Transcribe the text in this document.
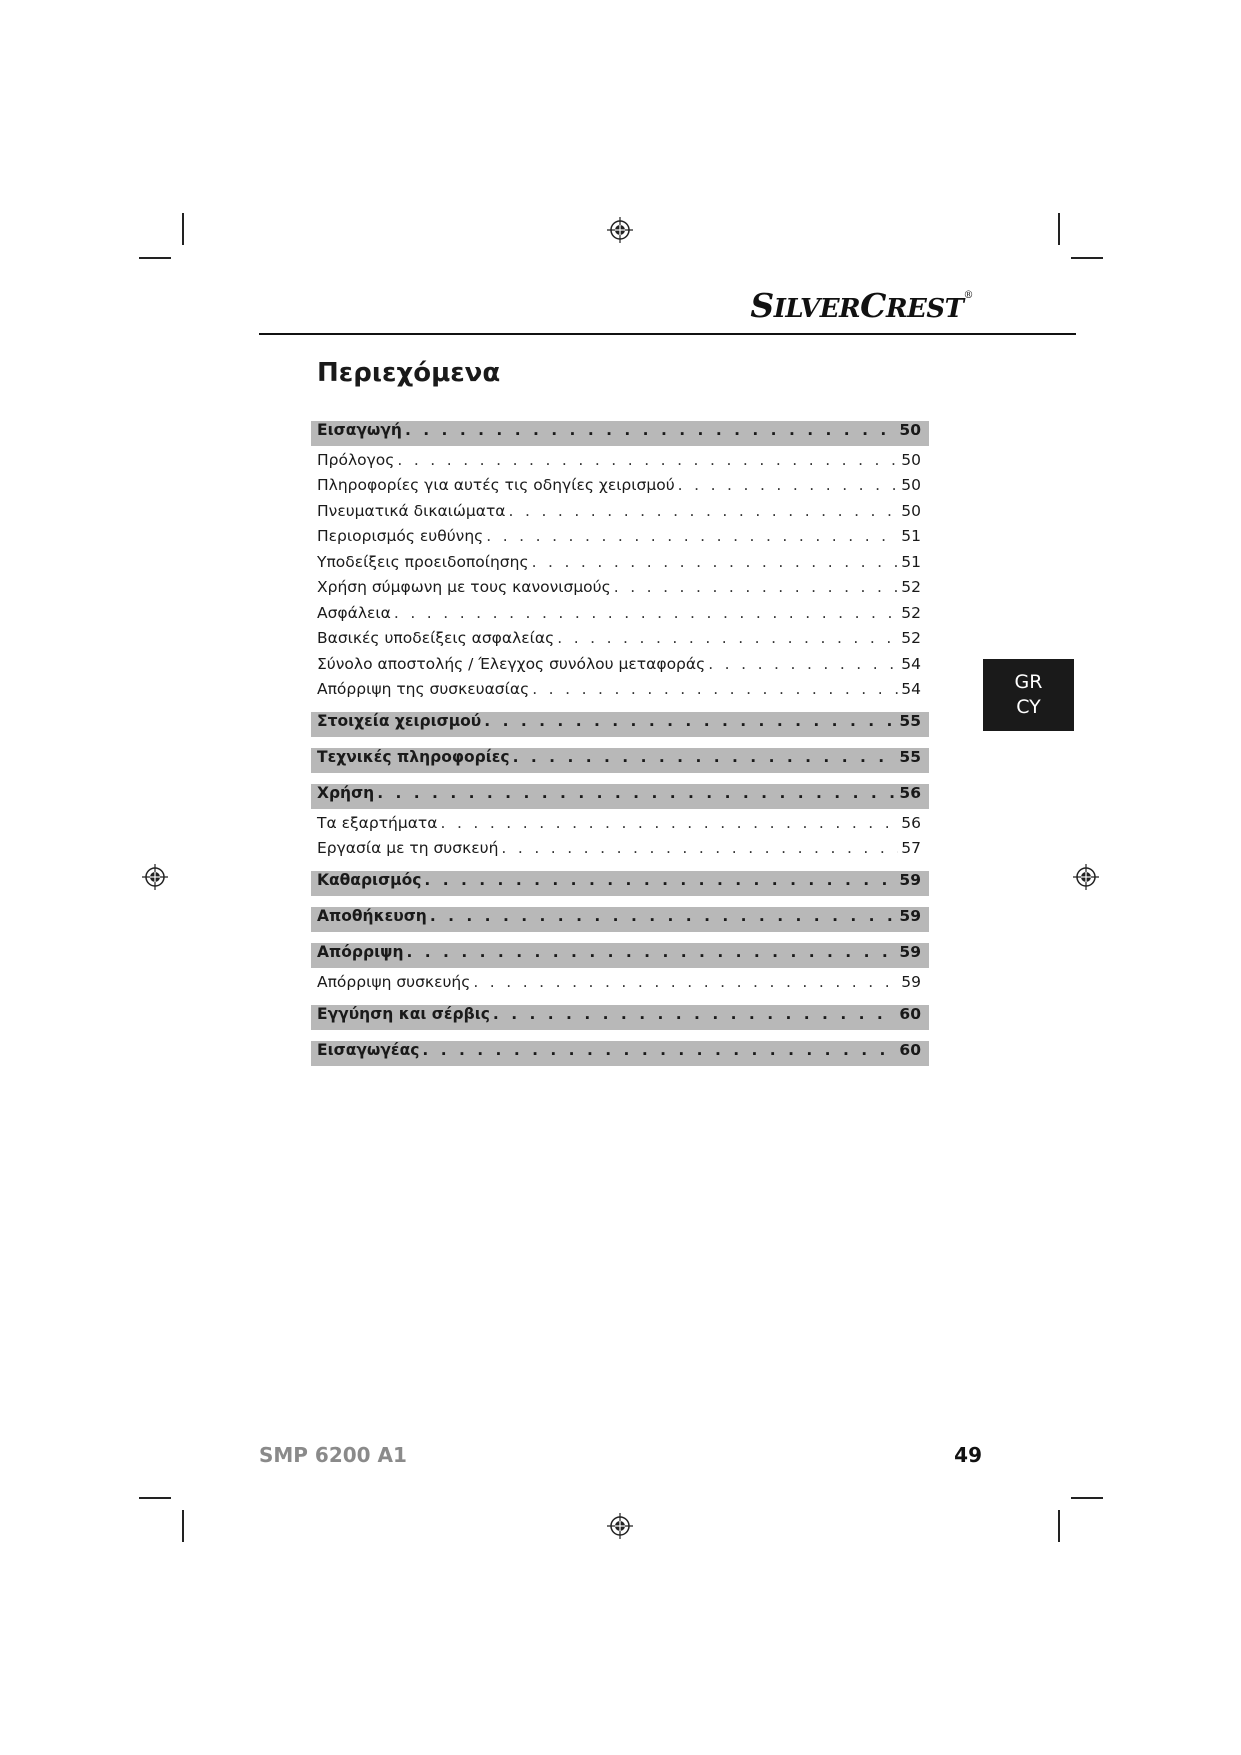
SILVERCREST®
Περιεχόμενα
Εισαγωγή . . .	50
Πρόλογος . . .	50
Πληροφορίες για αυτές τις οδηγίες χειρισμού . . .	50
Πνευματικά δικαιώματα . . .	50
Περιορισμός ευθύνης . . .	51
Υποδείξεις προειδοποίησης . . .	51
Χρήση σύμφωνη με τους κανονισμούς . . .	52
Ασφάλεια . . .	52
Βασικές υποδείξεις ασφαλείας . . .	52
Σύνολο αποστολής / Έλεγχος συνόλου μεταφοράς . . .	54
Απόρριψη της συσκευασίας . . .	54
Στοιχεία χειρισμού . . .	55
Τεχνικές πληροφορίες . . .	55
Χρήση . . .	56
Τα εξαρτήματα . . .	56
Εργασία με τη συσκευή . . .	57
Καθαρισμός . . .	59
Αποθήκευση . . .	59
Απόρριψη . . .	59
Απόρριψη συσκευής . . .	59
Εγγύηση και σέρβις . . .	60
Εισαγωγέας . . .	60
GR
CY
SMP 6200 A1	49
